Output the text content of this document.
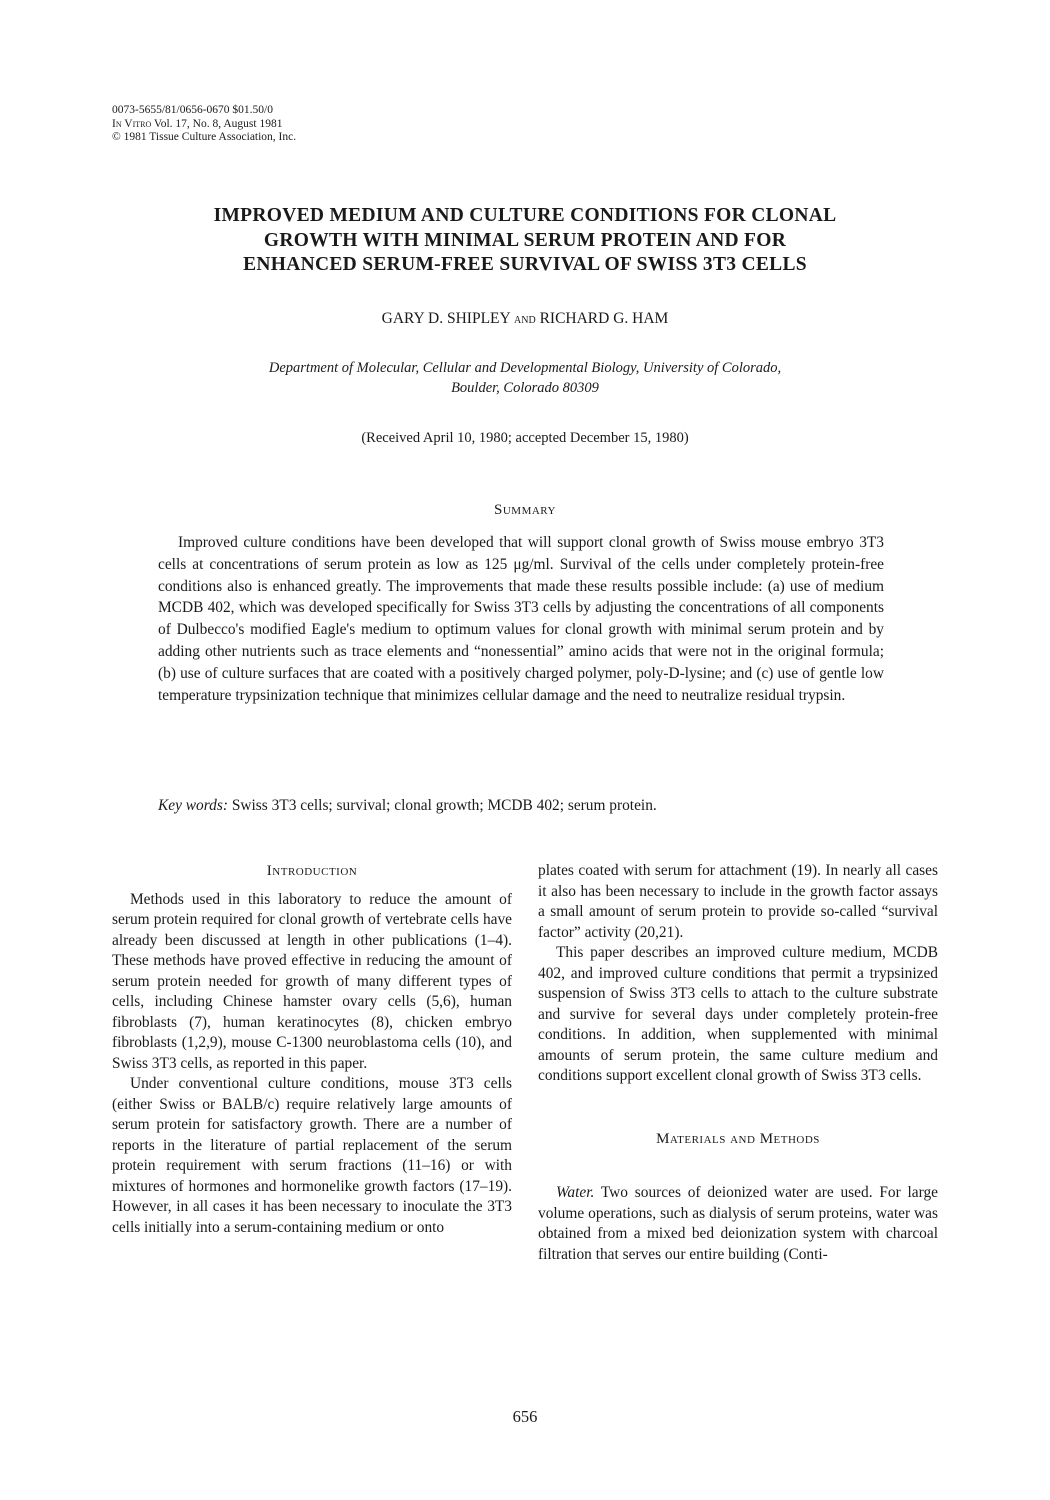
0073-5655/81/0656-0670 $01.50/0
In Vitro Vol. 17, No. 8, August 1981
© 1981 Tissue Culture Association, Inc.
IMPROVED MEDIUM AND CULTURE CONDITIONS FOR CLONAL
GROWTH WITH MINIMAL SERUM PROTEIN AND FOR
ENHANCED SERUM-FREE SURVIVAL OF SWISS 3T3 CELLS
GARY D. SHIPLEY and RICHARD G. HAM
Department of Molecular, Cellular and Developmental Biology, University of Colorado,
Boulder, Colorado 80309
(Received April 10, 1980; accepted December 15, 1980)
Summary

Improved culture conditions have been developed that will support clonal growth of Swiss mouse embryo 3T3 cells at concentrations of serum protein as low as 125 μg/ml. Survival of the cells under completely protein-free conditions also is enhanced greatly. The improvements that made these results possible include: (a) use of medium MCDB 402, which was developed specifically for Swiss 3T3 cells by adjusting the concentrations of all components of Dulbecco's modified Eagle's medium to optimum values for clonal growth with minimal serum protein and by adding other nutrients such as trace elements and “nonessential” amino acids that were not in the original formula; (b) use of culture surfaces that are coated with a positively charged polymer, poly-D-lysine; and (c) use of gentle low temperature trypsinization technique that minimizes cellular damage and the need to neutralize residual trypsin.

Key words: Swiss 3T3 cells; survival; clonal growth; MCDB 402; serum protein.

Introduction

Methods used in this laboratory to reduce the amount of serum protein required for clonal growth of vertebrate cells have already been discussed at length in other publications (1–4). These methods have proved effective in reducing the amount of serum protein needed for growth of many different types of cells, including Chinese hamster ovary cells (5,6), human fibroblasts (7), human keratinocytes (8), chicken embryo fibroblasts (1,2,9), mouse C-1300 neuroblastoma cells (10), and Swiss 3T3 cells, as reported in this paper.

Under conventional culture conditions, mouse 3T3 cells (either Swiss or BALB/c) require relatively large amounts of serum protein for satisfactory growth. There are a number of reports in the literature of partial replacement of the serum protein requirement with serum fractions (11–16) or with mixtures of hormones and hormonelike growth factors (17–19). However, in all cases it has been necessary to inoculate the 3T3 cells initially into a serum-containing medium or onto

plates coated with serum for attachment (19). In nearly all cases it also has been necessary to include in the growth factor assays a small amount of serum protein to provide so-called “survival factor” activity (20,21).

This paper describes an improved culture medium, MCDB 402, and improved culture conditions that permit a trypsinized suspension of Swiss 3T3 cells to attach to the culture substrate and survive for several days under completely protein-free conditions. In addition, when supplemented with minimal amounts of serum protein, the same culture medium and conditions support excellent clonal growth of Swiss 3T3 cells.

Materials and Methods

Water. Two sources of deionized water are used. For large volume operations, such as dialysis of serum proteins, water was obtained from a mixed bed deionization system with charcoal filtration that serves our entire building (Conti-

656
